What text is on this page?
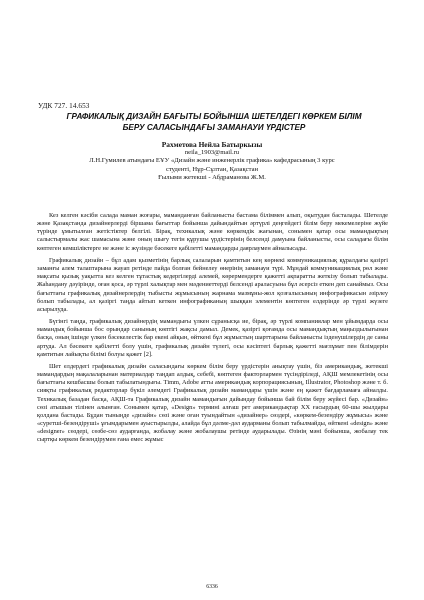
УДК 727. 14.653
ГРАФИКАЛЫҚ ДИЗАЙН БАҒЫТЫ БОЙЫНША ШЕТЕЛДЕГІ КӨРКЕМ БІЛІМ
БЕРУ САЛАСЫНДАҒЫ ЗАМАНАУИ ҮРДІСТЕР
Рахметова Нейла Батыркызы
neila_1903@mail.ru
Л.Н.Гумилев атындағы ЕҰУ «Дизайн және инженерлік графика» кафедрасының 3 курс
студенті, Нұр-Сұлтан, Қазақстан
Ғылыми жетекші - Абдраманова Ж.М.

Кез келген кәсіби салада маман жоғары, маманданған байланысты бастама біліммен алып, оқытудан басталады. Шетелде және Қазақстанда дизайнерлерді біршама бағыттар бойынша дайындайтын әртүрлі деңгейдегі білім беру мекемелеріне жүйе түрінде ұмытылған жетістіктер белгілі. Бірақ, технкалық және көркемдік жағынан, сонымен қатар осы мамандықтың салыстырмалы жас шамасына және оның шығу тегін құрушы үрдістерінің белсенді дамуына байланысты, осы саладағы білім көптеген кемшіліктерге не және іс жүзінде бәсекеге қабілетті мамандарды даярлаумен айналысады.

Графикалық дизайн – бұл адам қызметінің барлық салаларын қамтитын кең көрнекі коммуникациялық құралдағы қазіргі заманғы алем талаптарына жауап ретінде пайда болған бейнелеу өнерінің заманауи түрі. Мұндай коммуникациялық рөл және мақсаты қызық уақытта кез келген тұтастық кедергілерді алемей, көрермендерге қажетті ақпаратты жеткізу болып табылады. Жаһандану дәуірінде, оған қоса, әр түрлі халықтар мен мәдениеттерді белсенді араласуына бұл әсерсіз еткен деп санаймыз. Осы бағыттағы графикалық дизайнерлердің тыбысты жұмысының жарнама мазмұны-жол қозғалысының инфографикасын әзірлеу болып табылады, ал қазіргі таңда айтып кеткен инфографиканың шыққан элементін көптеген елдерінде әр түрлі жүзеге асырылуда.

Бүгінгі таңда, графикалық дизайнердің мамандығы үлкен сұранысқа ие, бірақ, әр түрлі компаниялар мен ұйымдарда осы мамандық бойынша бос орындар санының көптігі жақсы дамыл. Демек, қазіргі қоғамда осы мамандықтың маңыздылығынан басқа, оның ішінде үлкен бәсекелестік бар екені айқын, өйткені бұл жұмыстың шарттарына байланысты ізденушілердің де саны артуда. Ал бәсекеге қабілетті болу үшін, графикалық дизайн түлегі, осы кәсіптегі барлық қажетті мағлұмат пен білімдерін қамтитын лайықты білімі болуы қажет [2].

Шет елдердегі графикалық дизайн саласындағы көркем білім беру үрдістерін анықтау үшін, біз американдық, жетекші мамандардың мақалаларынан материалдар таңдап алдық, себебі, көптеген факторлармен түсіндіріледі, АҚШ мемлекетінің осы бағыттағы кешбасшы болып табылатындығы. Тimm, Adobe атты американдық корпорациясының, Illustrator, Photoshop және т. б. сияқты графикалық редакторлар бүкіл әлемдегі Графикалық дизайн мамандары үшін және ең қажет бағдарламаға айналды. Технкалық базадан басқа, АҚШ-та Графикалық дизайн мамандығын дайындау бойынша бай білім беру жүйесі бар. «Дизайн» сөзі атышын тілінен алынған. Сонымен қатар, «Design» термині алғаш рет американдықтар ХХ ғасырдың 60-шы жылдары қолдана бастады. Бұдан тыныңде «дизайн» сөзі және оған туындайтын «дизайнер» сөздері, «көркем-безендіру жұмысы» және «суретші-безендіруші» ұғымдарымен ауыстырылды, алайда бұл дәлме-дәл аударманы болып табылмайды, өйткені «design» және «designer» сөздері, сөзбе-сөз аударғанда, жобалау және жобалаушы ретінде аударылады. Өзінің мәні бойынша, жобалау тек сыртқы көркем безендірумен ғана емес жұмыс

6336
